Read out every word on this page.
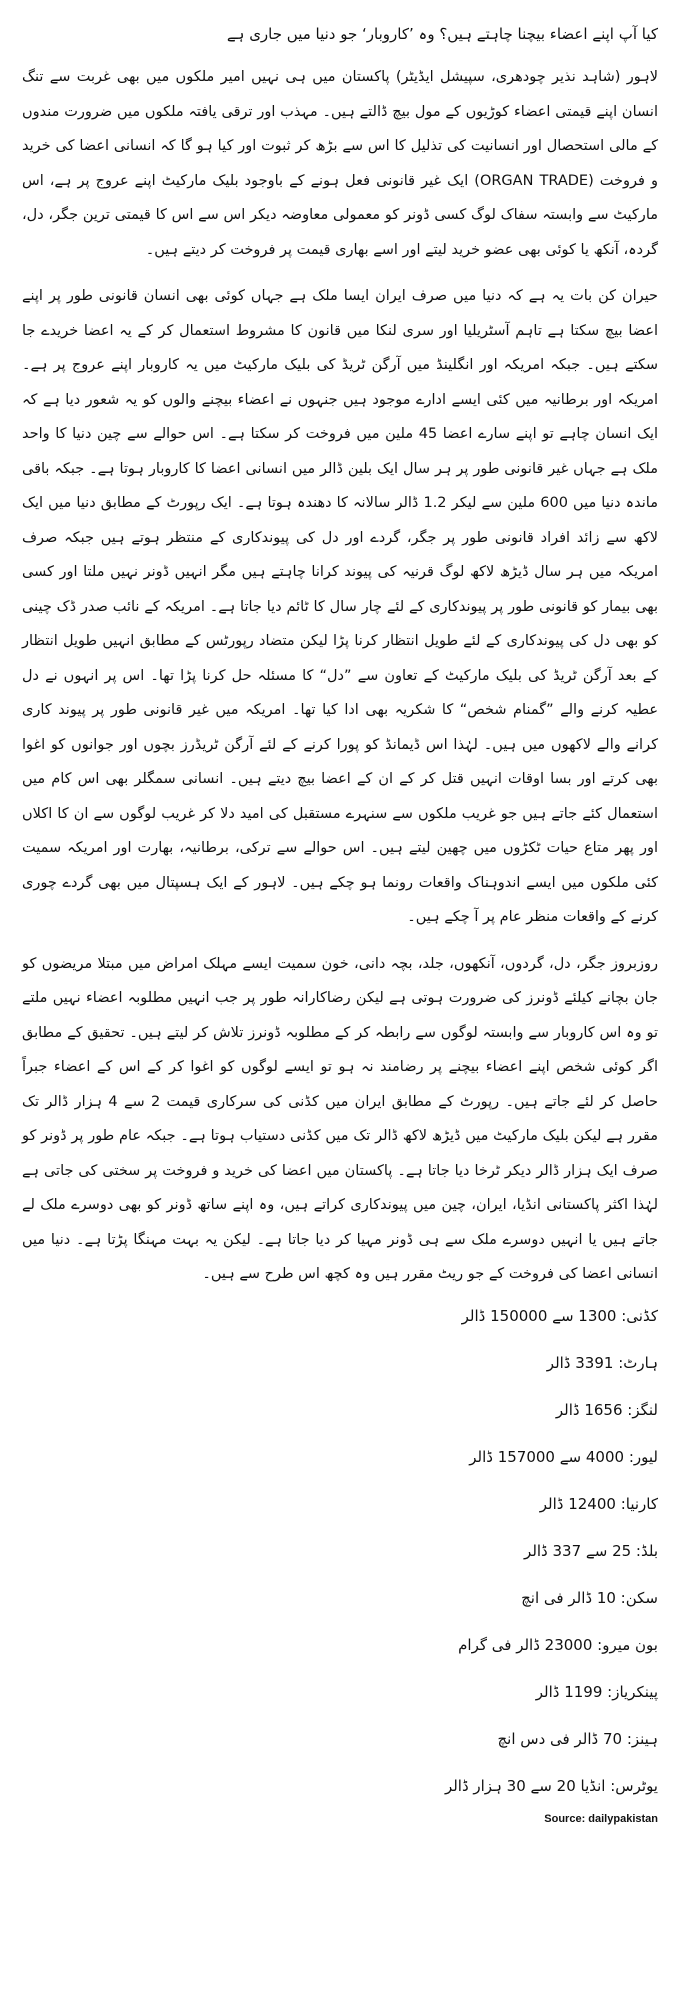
کیا آپ اپنے اعضاء بیچنا چاہتے ہیں؟ وہ ’کاروبار‘ جو دنیا میں جاری ہے

لاہور (شاہد نذیر چودھری، سپیشل ایڈیٹر) پاکستان میں ہی نہیں امیر ملکوں میں بھی غربت سے تنگ انسان اپنے قیمتی اعضاء کوڑیوں کے مول بیچ ڈالتے ہیں۔ مہذب اور ترقی یافتہ ملکوں میں ضرورت مندوں کے مالی استحصال اور انسانیت کی تذلیل کا اس سے بڑھ کر ثبوت اور کیا ہو گا کہ انسانی اعضا کی خرید و فروخت (ORGAN TRADE) ایک غیر قانونی فعل ہونے کے باوجود بلیک مارکیٹ اپنے عروج پر ہے، اس مارکیٹ سے وابستہ سفاک لوگ کسی ڈونر کو معمولی معاوضہ دیکر اس سے اس کا قیمتی ترین جگر، دل، گردہ، آنکھ یا کوئی بھی عضو خرید لیتے اور اسے بھاری قیمت پر فروخت کر دیتے ہیں۔

حیران کن بات یہ ہے کہ دنیا میں صرف ایران ایسا ملک ہے جہاں کوئی بھی انسان قانونی طور پر اپنے اعضا بیچ سکتا ہے تاہم آسٹریلیا اور سری لنکا میں قانون کا مشروط استعمال کر کے یہ اعضا خریدے جا سکتے ہیں۔ جبکہ امریکہ اور انگلینڈ میں آرگن ٹریڈ کی بلیک مارکیٹ میں یہ کاروبار اپنے عروج پر ہے۔ امریکہ اور برطانیہ میں کئی ایسے ادارے موجود ہیں جنہوں نے اعضاء بیچنے والوں کو یہ شعور دیا ہے کہ ایک انسان چاہے تو اپنے سارے اعضا 45 ملین میں فروخت کر سکتا ہے۔ اس حوالے سے چین دنیا کا واحد ملک ہے جہاں غیر قانونی طور پر ہر سال ایک بلین ڈالر میں انسانی اعضا کا کاروبار ہوتا ہے۔ جبکہ باقی ماندہ دنیا میں 600 ملین سے لیکر 1.2 ڈالر سالانہ کا دھندہ ہوتا ہے۔ ایک رپورٹ کے مطابق دنیا میں ایک لاکھ سے زائد افراد قانونی طور پر جگر، گردے اور دل کی پیوندکاری کے منتظر ہوتے ہیں جبکہ صرف امریکہ میں ہر سال ڈیڑھ لاکھ لوگ قرنیہ کی پیوند کرانا چاہتے ہیں مگر انہیں ڈونر نہیں ملتا اور کسی بھی بیمار کو قانونی طور پر پیوندکاری کے لئے چار سال کا ٹائم دیا جاتا ہے۔ امریکہ کے نائب صدر ڈک چینی کو بھی دل کی پیوندکاری کے لئے طویل انتظار کرنا پڑا لیکن متضاد رپورٹس کے مطابق انہیں طویل انتظار کے بعد آرگن ٹریڈ کی بلیک مارکیٹ کے تعاون سے ”دل“ کا مسئلہ حل کرنا پڑا تھا۔ اس پر انہوں نے دل عطیہ کرنے والے ”گمنام شخص“ کا شکریہ بھی ادا کیا تھا۔ امریکہ میں غیر قانونی طور پر پیوند کاری کرانے والے لاکھوں میں ہیں۔ لہٰذا اس ڈیمانڈ کو پورا کرنے کے لئے آرگن ٹریڈرز بچوں اور جوانوں کو اغوا بھی کرتے اور بسا اوقات انہیں قتل کر کے ان کے اعضا بیچ دیتے ہیں۔ انسانی سمگلر بھی اس کام میں استعمال کئے جاتے ہیں جو غریب ملکوں سے سنہرے مستقبل کی امید دلا کر غریب لوگوں سے ان کا اکلاں اور پھر متاع حیات ٹکڑوں میں چھین لیتے ہیں۔ اس حوالے سے ترکی، برطانیہ، بھارت اور امریکہ سمیت کئی ملکوں میں ایسے اندوہناک واقعات رونما ہو چکے ہیں۔ لاہور کے ایک ہسپتال میں بھی گردے چوری کرنے کے واقعات منظر عام پر آ چکے ہیں۔

روزبروز جگر، دل، گردوں، آنکھوں، جلد، بچہ دانی، خون سمیت ایسے مہلک امراض میں مبتلا مریضوں کو جان بچانے کیلئے ڈونرز کی ضرورت ہوتی ہے لیکن رضاکارانہ طور پر جب انہیں مطلوبہ اعضاء نہیں ملتے تو وہ اس کاروبار سے وابستہ لوگوں سے رابطہ کر کے مطلوبہ ڈونرز تلاش کر لیتے ہیں۔ تحقیق کے مطابق اگر کوئی شخص اپنے اعضاء بیچنے پر رضامند نہ ہو تو ایسے لوگوں کو اغوا کر کے اس کے اعضاء جبراً حاصل کر لئے جاتے ہیں۔ رپورٹ کے مطابق ایران میں کڈنی کی سرکاری قیمت 2 سے 4 ہزار ڈالر تک مقرر ہے لیکن بلیک مارکیٹ میں ڈیڑھ لاکھ ڈالر تک میں کڈنی دستیاب ہوتا ہے۔ جبکہ عام طور پر ڈونر کو صرف ایک ہزار ڈالر دیکر ٹرخا دیا جاتا ہے۔ پاکستان میں اعضا کی خرید و فروخت پر سختی کی جاتی ہے لہٰذا اکثر پاکستانی انڈیا، ایران، چین میں پیوندکاری کراتے ہیں، وہ اپنے ساتھ ڈونر کو بھی دوسرے ملک لے جاتے ہیں یا انہیں دوسرے ملک سے ہی ڈونر مہیا کر دیا جاتا ہے۔ لیکن یہ بہت مہنگا پڑتا ہے۔ دنیا میں انسانی اعضا کی فروخت کے جو ریٹ مقرر ہیں وہ کچھ اس طرح سے ہیں۔

کڈنی: 1300 سے 150000 ڈالر
ہارٹ: 3391 ڈالر
لنگز: 1656 ڈالر
لیور: 4000 سے 157000 ڈالر
کارنیا: 12400 ڈالر
بلڈ: 25 سے 337 ڈالر
سکن: 10 ڈالر فی انچ
بون میرو: 23000 ڈالر فی گرام
پینکریاز: 1199 ڈالر
ہینز: 70 ڈالر فی دس انچ
یوٹرس: انڈیا 20 سے 30 ہزار ڈالر
Source: dailypakistan
